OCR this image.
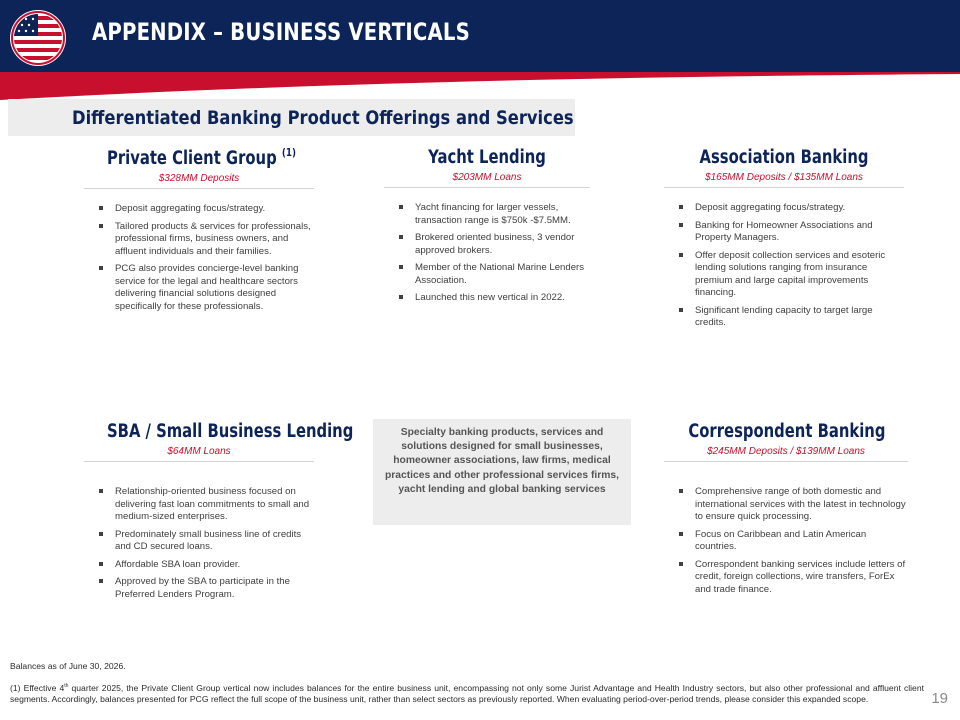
APPENDIX – BUSINESS VERTICALS
Differentiated Banking Product Offerings and Services
Private Client Group $^{(1)}$
$328MM Deposits
Deposit aggregating focus/strategy.
Tailored products & services for professionals, professional firms, business owners, and affluent individuals and their families.
PCG also provides concierge-level banking service for the legal and healthcare sectors delivering financial solutions designed specifically for these professionals.
Yacht Lending
$203MM Loans
Yacht financing for larger vessels, transaction range is $750k -$7.5MM.
Brokered oriented business, 3 vendor approved brokers.
Member of the National Marine Lenders Association.
Launched this new vertical in 2022.
Association Banking
$165MM Deposits / $135MM Loans
Deposit aggregating focus/strategy.
Banking for Homeowner Associations and Property Managers.
Offer deposit collection services and esoteric lending solutions ranging from insurance premium and large capital improvements financing.
Significant lending capacity to target large credits.
SBA / Small Business Lending
$64MM Loans
Relationship-oriented business focused on delivering fast loan commitments to small and medium-sized enterprises.
Predominately small business line of credits and CD secured loans.
Affordable SBA loan provider.
Approved by the SBA to participate in the Preferred Lenders Program.
Specialty banking products, services and solutions designed for small businesses, homeowner associations, law firms, medical practices and other professional services firms, yacht lending and global banking services
Correspondent Banking
$245MM Deposits / $139MM Loans
Comprehensive range of both domestic and international services with the latest in technology to ensure quick processing.
Focus on Caribbean and Latin American countries.
Correspondent banking services include letters of credit, foreign collections, wire transfers, ForEx and trade finance.
Balances as of June 30, 2026.
(1) Effective 4th quarter 2025, the Private Client Group vertical now includes balances for the entire business unit, encompassing not only some Jurist Advantage and Health Industry sectors, but also other professional and affluent client segments. Accordingly, balances presented for PCG reflect the full scope of the business unit, rather than select sectors as previously reported. When evaluating period-over-period trends, please consider this expanded scope.	19
